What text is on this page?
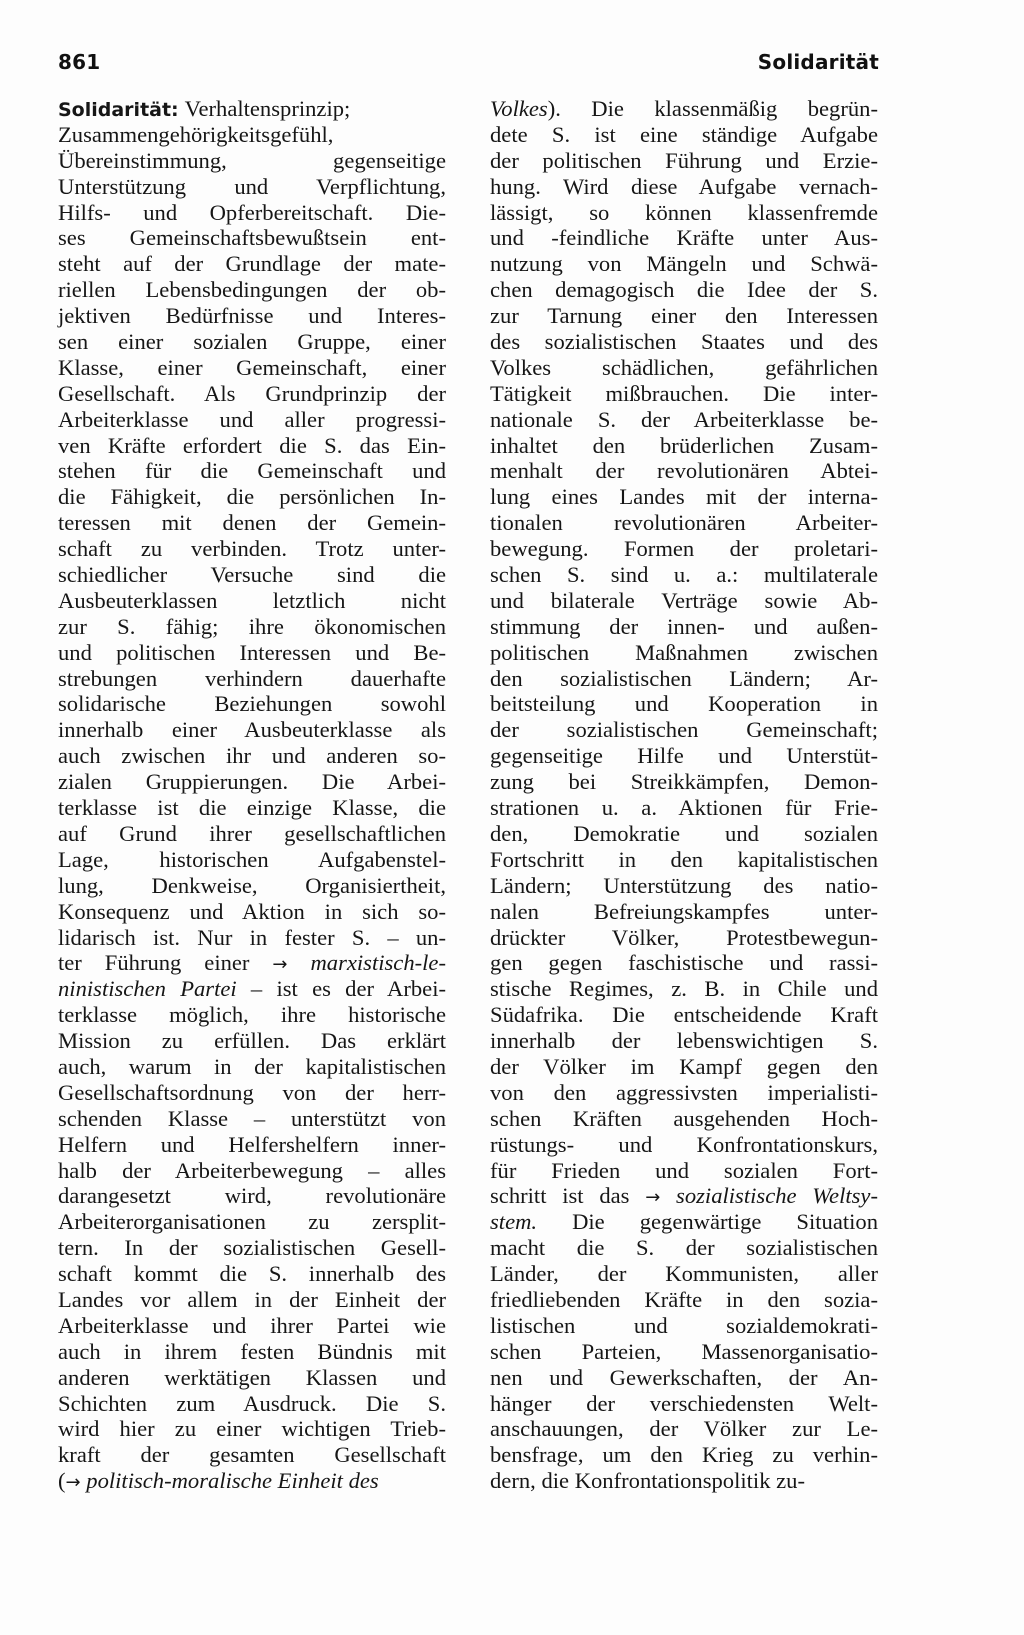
861	Solidarität
Solidarität: Verhaltensprinzip;
Zusammengehörigkeitsgefühl,
Übereinstimmung, gegenseitige
Unterstützung und Verpflichtung,
Hilfs- und Opferbereitschaft. Die-
ses Gemeinschaftsbewußtsein ent-
steht auf der Grundlage der mate-
riellen Lebensbedingungen der ob-
jektiven Bedürfnisse und Interes-
sen einer sozialen Gruppe, einer
Klasse, einer Gemeinschaft, einer
Gesellschaft. Als Grundprinzip der
Arbeiterklasse und aller progressi-
ven Kräfte erfordert die S. das Ein-
stehen für die Gemeinschaft und
die Fähigkeit, die persönlichen In-
teressen mit denen der Gemein-
schaft zu verbinden. Trotz unter-
schiedlicher Versuche sind die
Ausbeuterklassen letztlich nicht
zur S. fähig; ihre ökonomischen
und politischen Interessen und Be-
strebungen verhindern dauerhafte
solidarische Beziehungen sowohl
innerhalb einer Ausbeuterklasse als
auch zwischen ihr und anderen so-
zialen Gruppierungen. Die Arbei-
terklasse ist die einzige Klasse, die
auf Grund ihrer gesellschaftlichen
Lage, historischen Aufgabenstel-
lung, Denkweise, Organisiertheit,
Konsequenz und Aktion in sich so-
lidarisch ist. Nur in fester S. – un-
ter Führung einer → marxistisch-le-
ninistischen Partei – ist es der Arbei-
terklasse möglich, ihre historische
Mission zu erfüllen. Das erklärt
auch, warum in der kapitalistischen
Gesellschaftsordnung von der herr-
schenden Klasse – unterstützt von
Helfern und Helfershelfern inner-
halb der Arbeiterbewegung – alles
darangesetzt wird, revolutionäre
Arbeiterorganisationen zu zersplit-
tern. In der sozialistischen Gesell-
schaft kommt die S. innerhalb des
Landes vor allem in der Einheit der
Arbeiterklasse und ihrer Partei wie
auch in ihrem festen Bündnis mit
anderen werktätigen Klassen und
Schichten zum Ausdruck. Die S.
wird hier zu einer wichtigen Trieb-
kraft der gesamten Gesellschaft
(→ politisch-moralische Einheit des
Volkes). Die klassenmäßig begrün-
dete S. ist eine ständige Aufgabe
der politischen Führung und Erzie-
hung. Wird diese Aufgabe vernach-
lässigt, so können klassenfremde
und -feindliche Kräfte unter Aus-
nutzung von Mängeln und Schwä-
chen demagogisch die Idee der S.
zur Tarnung einer den Interessen
des sozialistischen Staates und des
Volkes schädlichen, gefährlichen
Tätigkeit mißbrauchen. Die inter-
nationale S. der Arbeiterklasse be-
inhaltet den brüderlichen Zusam-
menhalt der revolutionären Abtei-
lung eines Landes mit der interna-
tionalen revolutionären Arbeiter-
bewegung. Formen der proletari-
schen S. sind u. a.: multilaterale
und bilaterale Verträge sowie Ab-
stimmung der innen- und außen-
politischen Maßnahmen zwischen
den sozialistischen Ländern; Ar-
beitsteilung und Kooperation in
der sozialistischen Gemeinschaft;
gegenseitige Hilfe und Unterstüt-
zung bei Streikkämpfen, Demon-
strationen u. a. Aktionen für Frie-
den, Demokratie und sozialen
Fortschritt in den kapitalistischen
Ländern; Unterstützung des natio-
nalen Befreiungskampfes unter-
drückter Völker, Protestbewegun-
gen gegen faschistische und rassi-
stische Regimes, z. B. in Chile und
Südafrika. Die entscheidende Kraft
innerhalb der lebenswichtigen S.
der Völker im Kampf gegen den
von den aggressivsten imperialisti-
schen Kräften ausgehenden Hoch-
rüstungs- und Konfrontationskurs,
für Frieden und sozialen Fort-
schritt ist das → sozialistische Weltsy-
stem. Die gegenwärtige Situation
macht die S. der sozialistischen
Länder, der Kommunisten, aller
friedliebenden Kräfte in den sozia-
listischen und sozialdemokrati-
schen Parteien, Massenorganisatio-
nen und Gewerkschaften, der An-
hänger der verschiedensten Welt-
anschauungen, der Völker zur Le-
bensfrage, um den Krieg zu verhin-
dern, die Konfrontationspolitik zu-
